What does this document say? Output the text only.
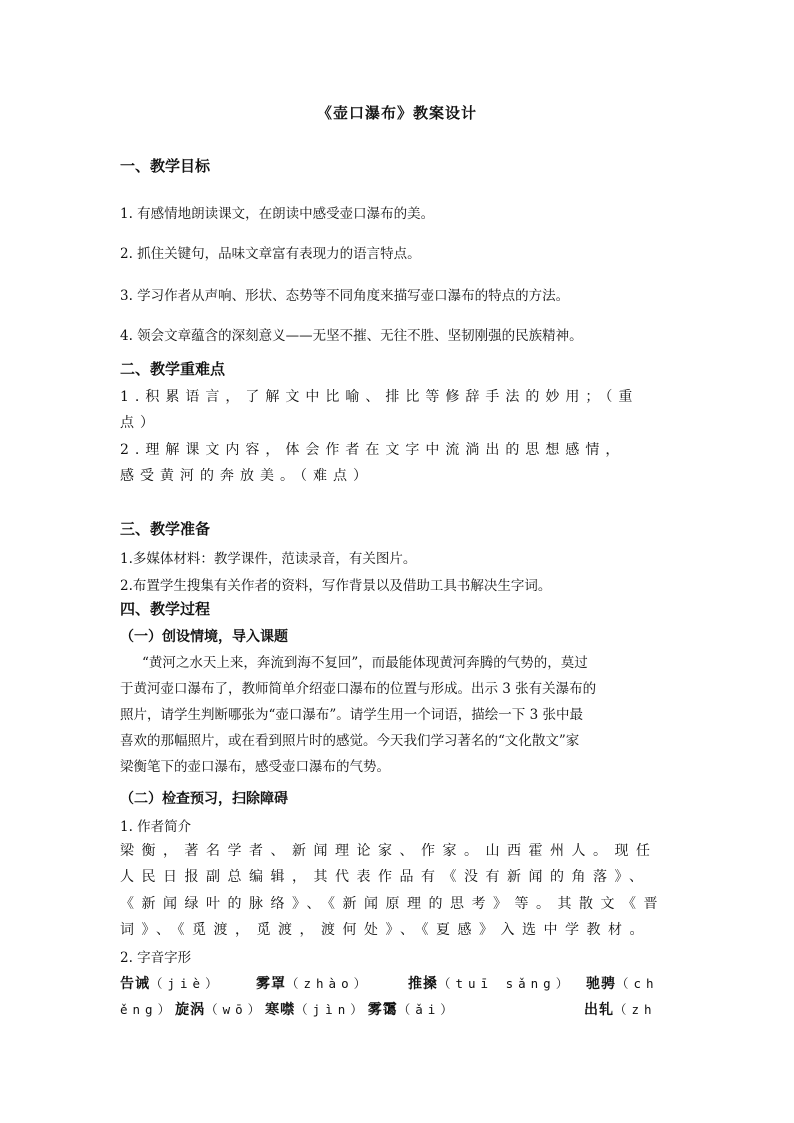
《壶口瀑布》教案设计
一、教学目标
1. 有感情地朗读课文，在朗读中感受壶口瀑布的美。
2. 抓住关键句，品味文章富有表现力的语言特点。
3. 学习作者从声响、形状、态势等不同角度来描写壶口瀑布的特点的方法。
4. 领会文章蕴含的深刻意义——无坚不摧、无往不胜、坚韧刚强的民族精神。
二、教学重难点
1.积累语言，了解文中比喻、排比等修辞手法的妙用；（重
点）
2.理解课文内容，体会作者在文字中流淌出的思想感情，
感受黄河的奔放美。（难点）
三、教学准备
1.多媒体材料：教学课件，范读录音，有关图片。
2.布置学生搜集有关作者的资料，写作背景以及借助工具书解决生字词。
四、教学过程
（一）创设情境，导入课题
“黄河之水天上来，奔流到海不复回”，而最能体现黄河奔腾的气势的，莫过
于黄河壶口瀑布了，教师简单介绍壶口瀑布的位置与形成。出示 3 张有关瀑布的
照片，请学生判断哪张为“壶口瀑布”。请学生用一个词语，描绘一下 3 张中最
喜欢的那幅照片，或在看到照片时的感觉。今天我们学习著名的“文化散文”家
梁衡笔下的壶口瀑布，感受壶口瀑布的气势。
（二）检查预习，扫除障碍
1. 作者简介
梁衡，著名学者、新闻理论家、作家。山西霍州人。现任
人民日报副总编辑，其代表作品有《没有新闻的角落》、
《新闻绿叶的脉络》、《新闻原理的思考》等。其散文《晋
词》、《觅渡，觅渡，渡何处》、《夏感》入选中学教材。
2. 字音字形
告诫（jiè） 雾罩（zhào）	推搡（tuī sǎng） 驰骋（ch
ěng）旋涡（wō）寒噤（jìn）雾霭（ǎi）	出轧（zh
